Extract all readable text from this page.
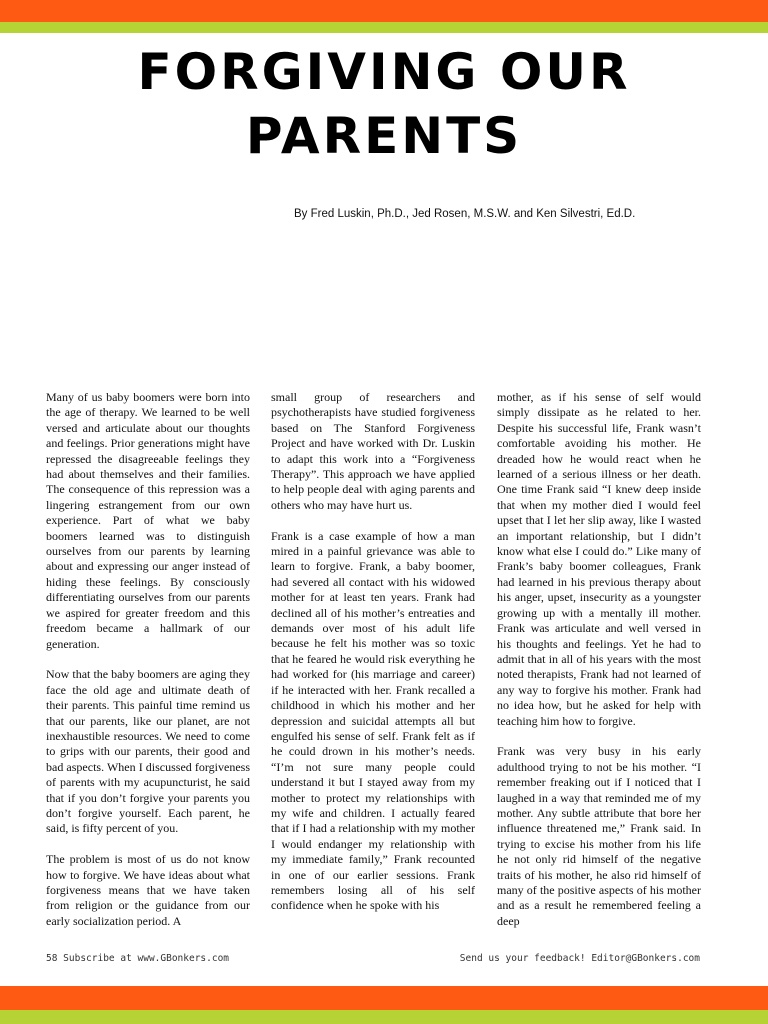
FORGIVING OUR
PARENTS

By Fred Luskin, Ph.D., Jed Rosen, M.S.W. and Ken Silvestri, Ed.D.

Many of us baby boomers were born into the age of therapy. We learned to be well versed and articulate about our thoughts and feelings. Prior generations might have repressed the disagreeable feelings they had about themselves and their families. The consequence of this repression was a lingering estrangement from our own experience. Part of what we baby boomers learned was to distinguish ourselves from our parents by learning about and expressing our anger instead of hiding these feelings. By consciously differentiating ourselves from our parents we aspired for greater freedom and this freedom became a hallmark of our generation.

Now that the baby boomers are aging they face the old age and ultimate death of their parents. This painful time remind us that our parents, like our planet, are not inexhaustible resources. We need to come to grips with our parents, their good and bad aspects. When I discussed forgiveness of parents with my acupuncturist, he said that if you don’t forgive your parents you don’t forgive yourself. Each parent, he said, is fifty percent of you.

The problem is most of us do not know how to forgive. We have ideas about what forgiveness means that we have taken from religion or the guidance from our early socialization period. A

small group of researchers and psychotherapists have studied forgiveness based on The Stanford Forgiveness Project and have worked with Dr. Luskin to adapt this work into a “Forgiveness Therapy”. This approach we have applied to help people deal with aging parents and others who may have hurt us.

Frank is a case example of how a man mired in a painful grievance was able to learn to forgive. Frank, a baby boomer, had severed all contact with his widowed mother for at least ten years. Frank had declined all of his mother’s entreaties and demands over most of his adult life because he felt his mother was so toxic that he feared he would risk everything he had worked for (his marriage and career) if he interacted with her. Frank recalled a childhood in which his mother and her depression and suicidal attempts all but engulfed his sense of self. Frank felt as if he could drown in his mother’s needs. “I’m not sure many people could understand it but I stayed away from my mother to protect my relationships with my wife and children. I actually feared that if I had a relationship with my mother I would endanger my relationship with my immediate family,” Frank recounted in one of our earlier sessions. Frank remembers losing all of his self confidence when he spoke with his

mother, as if his sense of self would simply dissipate as he related to her. Despite his successful life, Frank wasn’t comfortable avoiding his mother. He dreaded how he would react when he learned of a serious illness or her death. One time Frank said “I knew deep inside that when my mother died I would feel upset that I let her slip away, like I wasted an important relationship, but I didn’t know what else I could do.” Like many of Frank’s baby boomer colleagues, Frank had learned in his previous therapy about his anger, upset, insecurity as a youngster growing up with a mentally ill mother. Frank was articulate and well versed in his thoughts and feelings. Yet he had to admit that in all of his years with the most noted therapists, Frank had not learned of any way to forgive his mother. Frank had no idea how, but he asked for help with teaching him how to forgive.

Frank was very busy in his early adulthood trying to not be his mother. “I remember freaking out if I noticed that I laughed in a way that reminded me of my mother. Any subtle attribute that bore her influence threatened me,” Frank said. In trying to excise his mother from his life he not only rid himself of the negative traits of his mother, he also rid himself of many of the positive aspects of his mother and as a result he remembered feeling a deep

58 Subscribe at www.GBonkers.com	Send us your feedback! Editor@GBonkers.com
